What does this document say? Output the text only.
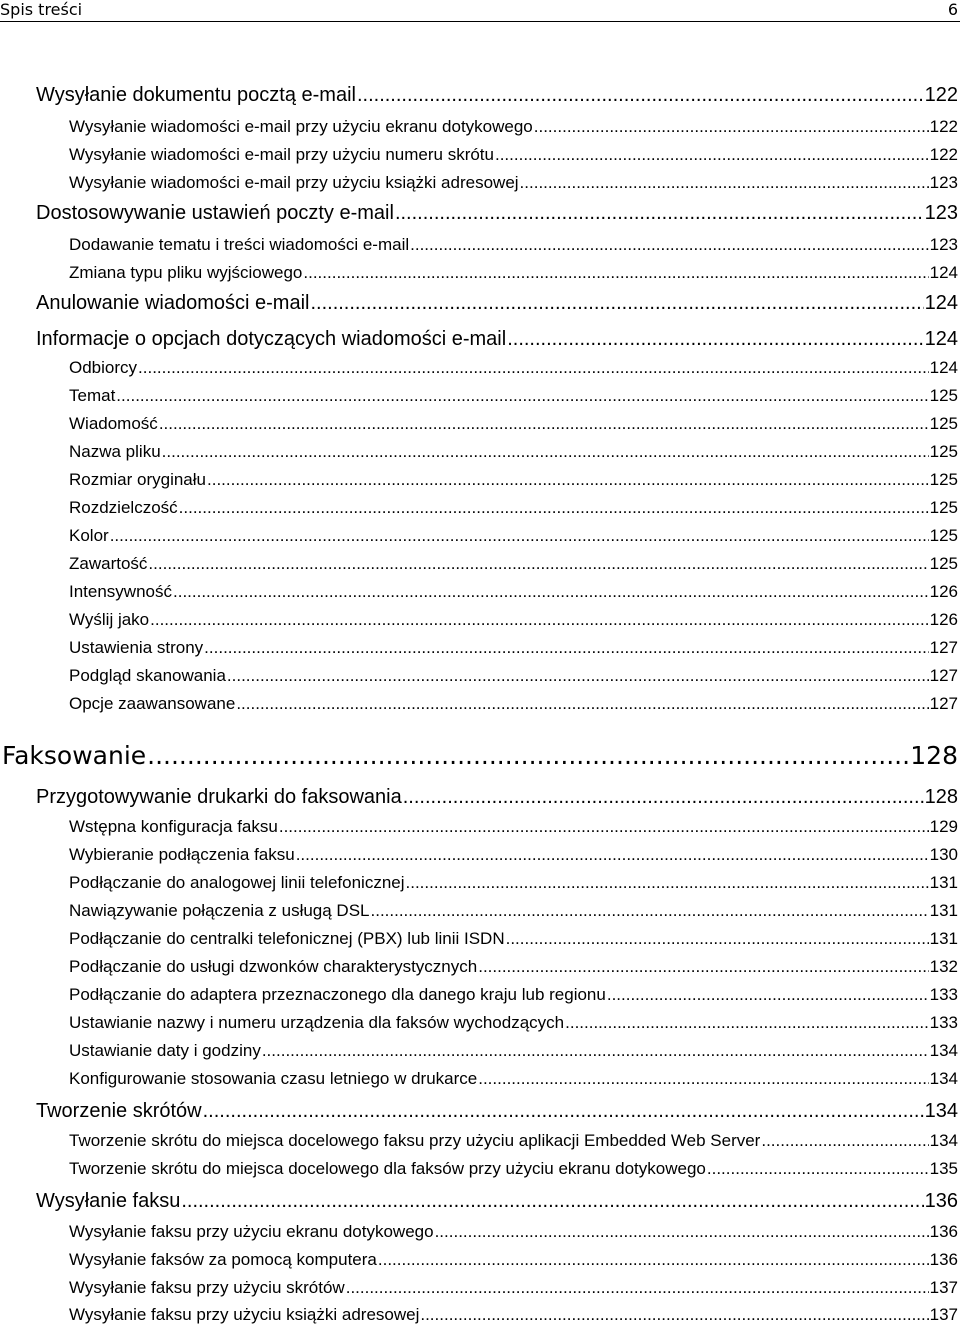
Spis treści	6
Wysyłanie dokumentu pocztą e-mail .....	122
Wysyłanie wiadomości e-mail przy użyciu ekranu dotykowego .....	122
Wysyłanie wiadomości e-mail przy użyciu numeru skrótu .....	122
Wysyłanie wiadomości e-mail przy użyciu książki adresowej .....	123
Dostosowywanie ustawień poczty e-mail .....	123
Dodawanie tematu i treści wiadomości e-mail .....	123
Zmiana typu pliku wyjściowego .....	124
Anulowanie wiadomości e-mail .....	124
Informacje o opcjach dotyczących wiadomości e-mail .....	124
Odbiorcy .....	124
Temat .....	125
Wiadomość .....	125
Nazwa pliku .....	125
Rozmiar oryginału .....	125
Rozdzielczość .....	125
Kolor .....	125
Zawartość .....	125
Intensywność .....	126
Wyślij jako .....	126
Ustawienia strony .....	127
Podgląd skanowania .....	127
Opcje zaawansowane .....	127
Faksowanie .....	128
Przygotowywanie drukarki do faksowania .....	128
Wstępna konfiguracja faksu .....	129
Wybieranie podłączenia faksu .....	130
Podłączanie do analogowej linii telefonicznej .....	131
Nawiązywanie połączenia z usługą DSL .....	131
Podłączanie do centralki telefonicznej (PBX) lub linii ISDN .....	131
Podłączanie do usługi dzwonków charakterystycznych .....	132
Podłączanie do adaptera przeznaczonego dla danego kraju lub regionu .....	133
Ustawianie nazwy i numeru urządzenia dla faksów wychodzących .....	133
Ustawianie daty i godziny .....	134
Konfigurowanie stosowania czasu letniego w drukarce .....	134
Tworzenie skrótów .....	134
Tworzenie skrótu do miejsca docelowego faksu przy użyciu aplikacji Embedded Web Server .....	134
Tworzenie skrótu do miejsca docelowego dla faksów przy użyciu ekranu dotykowego .....	135
Wysyłanie faksu .....	136
Wysyłanie faksu przy użyciu ekranu dotykowego .....	136
Wysyłanie faksów za pomocą komputera .....	136
Wysyłanie faksu przy użyciu skrótów .....	137
Wysyłanie faksu przy użyciu książki adresowej .....	137
